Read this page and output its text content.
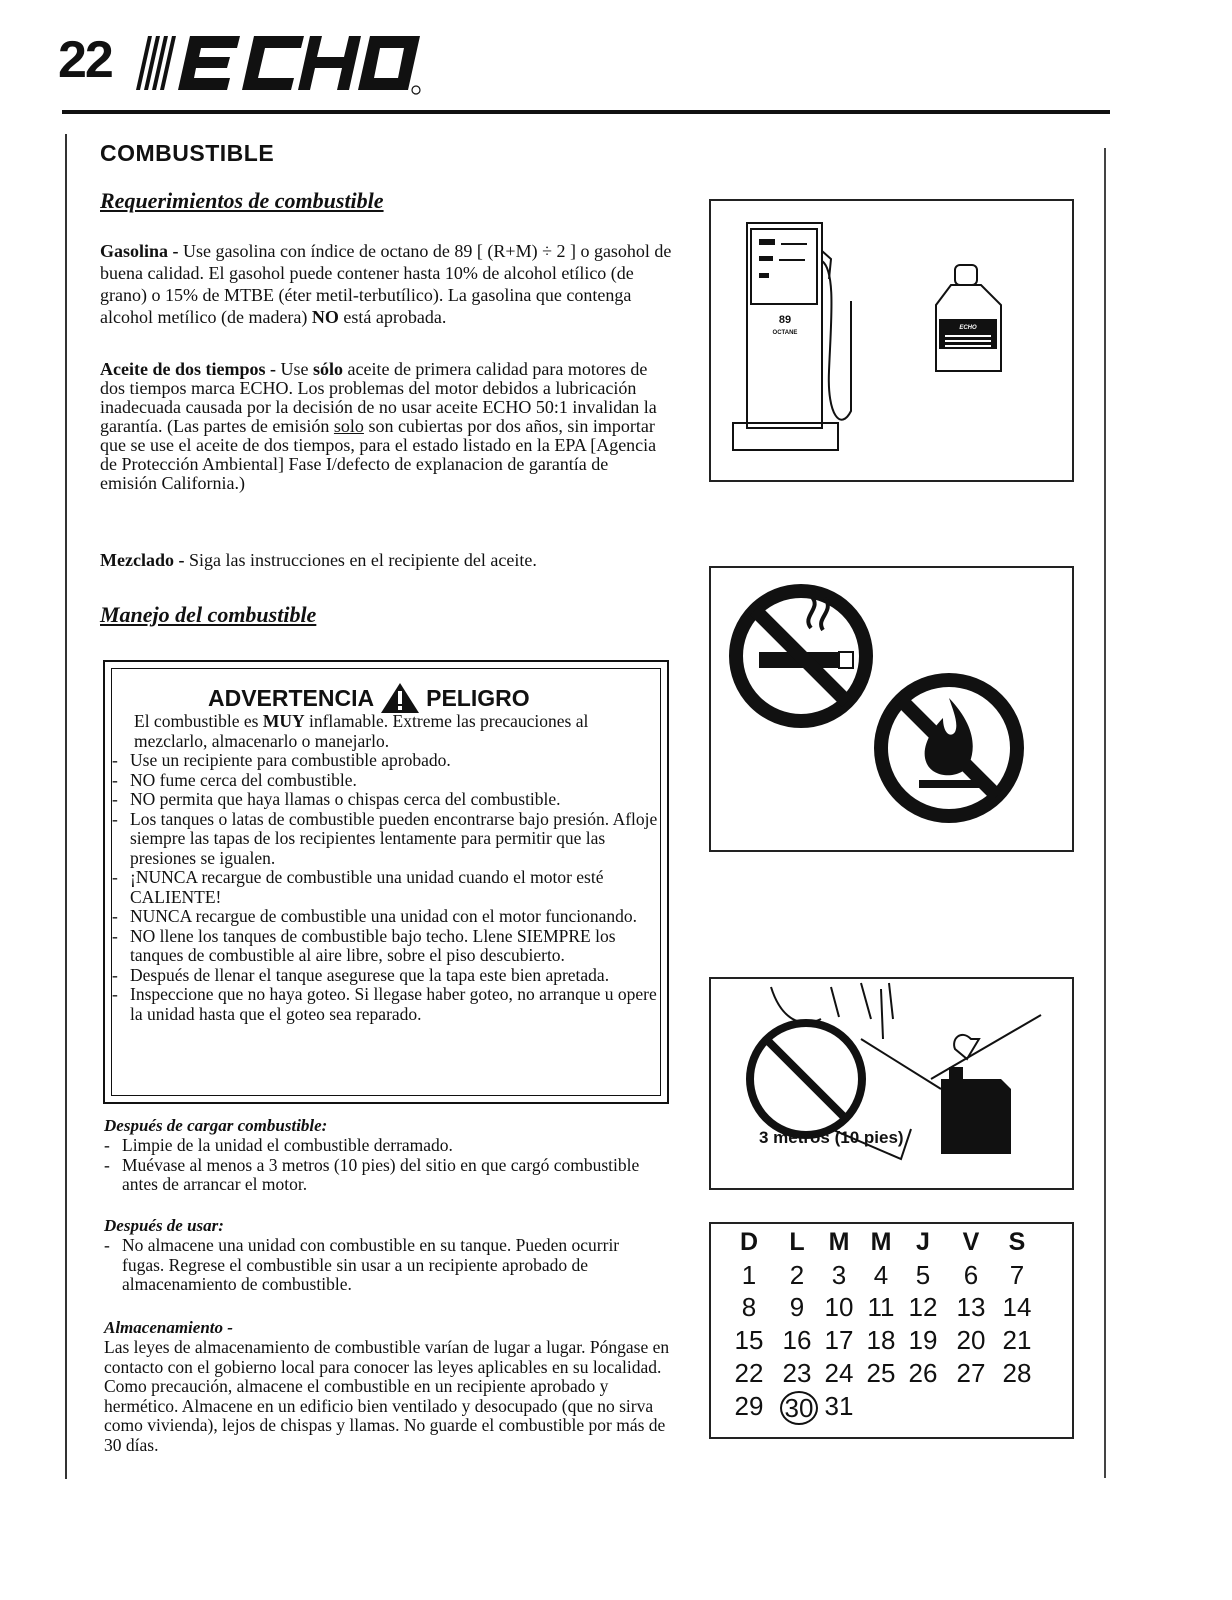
22
COMBUSTIBLE
Requerimientos de combustible
Gasolina - Use gasolina con índice de octano de 89 [ (R+M) ÷ 2 ] o gasohol de buena calidad. El gasohol puede contener hasta 10% de alcohol etílico (de grano) o 15% de MTBE (éter metil-terbutílico). La gasolina que contenga alcohol metílico (de madera) NO está aprobada.
Aceite de dos tiempos - Use sólo aceite de primera calidad para motores de dos tiempos marca ECHO. Los problemas del motor debidos a lubricación inadecuada causada por la decisión de no usar aceite ECHO 50:1 invalidan la garantía. (Las partes de emisión solo son cubiertas por dos años, sin importar que se use el aceite de dos tiempos, para el estado listado en la EPA [Agencia de Protección Ambiental] Fase I/defecto de explanacion de garantía de emisión California.)
Mezclado - Siga las instrucciones en el recipiente del aceite.
Manejo del combustible
ADVERTENCIA PELIGRO
El combustible es MUY inflamable. Extreme las precauciones al mezclarlo, almacenarlo o manejarlo.
- Use un recipiente para combustible aprobado.
- NO fume cerca del combustible.
- NO permita que haya llamas o chispas cerca del combustible.
- Los tanques o latas de combustible pueden encontrarse bajo presión. Afloje siempre las tapas de los recipientes lentamente para permitir que las presiones se igualen.
- ¡NUNCA recargue de combustible una unidad cuando el motor esté CALIENTE!
- NUNCA recargue de combustible una unidad con el motor funcionando.
- NO llene los tanques de combustible bajo techo. Llene SIEMPRE los tanques de combustible al aire libre, sobre el piso descubierto.
- Después de llenar el tanque asegurese que la tapa este bien apretada.
- Inspeccione que no haya goteo. Si llegase haber goteo, no arranque u opere la unidad hasta que el goteo sea reparado.
Después de cargar combustible:
- Limpie de la unidad el combustible derramado.
- Muévase al menos a 3 metros (10 pies) del sitio en que cargó combustible antes de arrancar el motor.
Después de usar:
- No almacene una unidad con combustible en su tanque. Pueden ocurrir fugas. Regrese el combustible sin usar a un recipiente aprobado de almacenamiento de combustible.
Almacenamiento -
Las leyes de almacenamiento de combustible varían de lugar a lugar. Póngase en contacto con el gobierno local para conocer las leyes aplicables en su localidad. Como precaución, almacene el combustible en un recipiente aprobado y hermético. Almacene en un edificio bien ventilado y desocupado (que no sirva como vivienda), lejos de chispas y llamas. No guarde el combustible por más de 30 días.
89
OCTANE
ECHO
3 metros (10 pies)
D	L M M J	V	S
1	2	3	4	5	6	7
8	9 10 11 12 13 14
15 16 17 18 19 20 21
22 23 24 25 26 27 28
29 30 31
